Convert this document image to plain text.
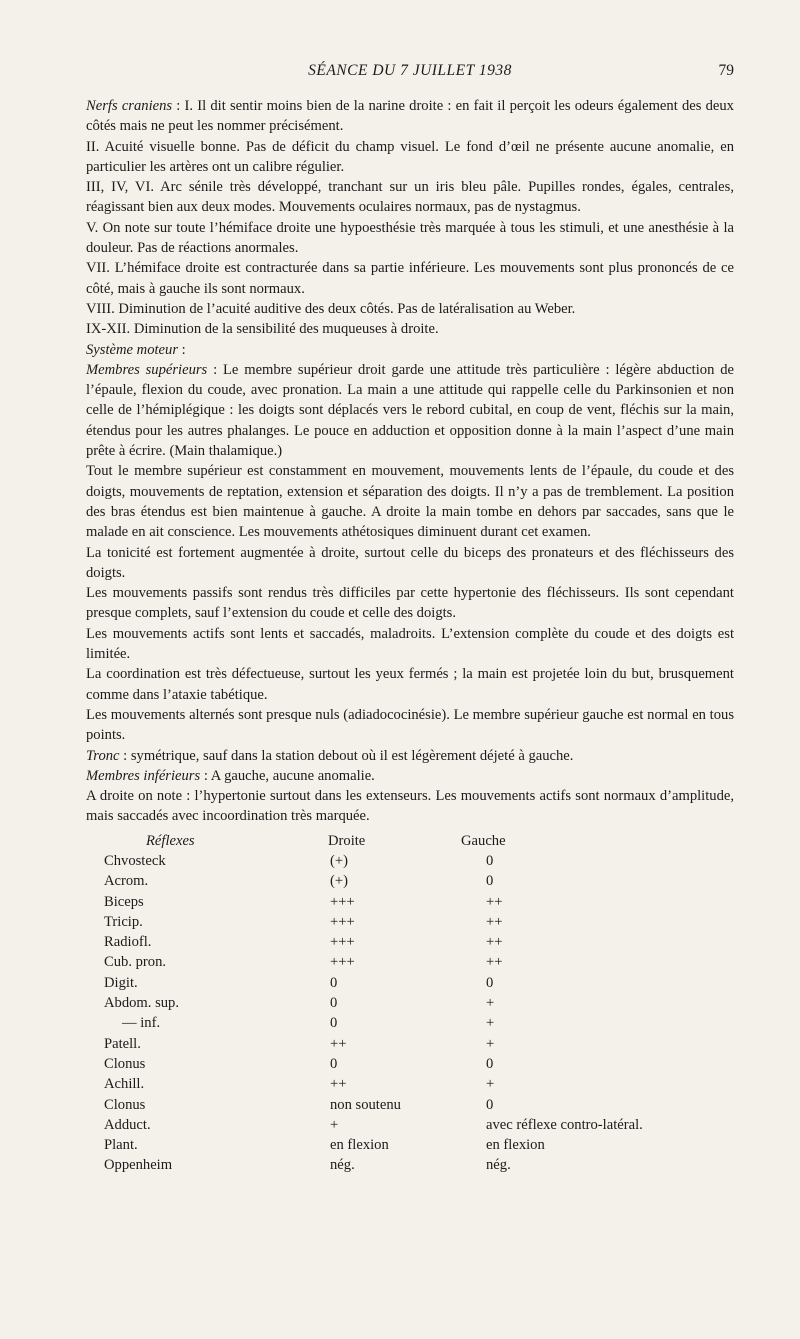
SÉANCE DU 7 JUILLET 1938	79

Nerfs craniens : I. Il dit sentir moins bien de la narine droite : en fait il perçoit les odeurs également des deux côtés mais ne peut les nommer précisément.

II. Acuité visuelle bonne. Pas de déficit du champ visuel. Le fond d’œil ne présente aucune anomalie, en particulier les artères ont un calibre régulier.

III, IV, VI. Arc sénile très développé, tranchant sur un iris bleu pâle. Pupilles rondes, égales, centrales, réagissant bien aux deux modes. Mouvements oculaires normaux, pas de nystagmus.

V. On note sur toute l’hémiface droite une hypoesthésie très marquée à tous les stimuli, et une anesthésie à la douleur. Pas de réactions anormales.

VII. L’hémiface droite est contracturée dans sa partie inférieure. Les mouvements sont plus prononcés de ce côté, mais à gauche ils sont normaux.

VIII. Diminution de l’acuité auditive des deux côtés. Pas de latéralisation au Weber.

IX-XII. Diminution de la sensibilité des muqueuses à droite.

Système moteur :

Membres supérieurs : Le membre supérieur droit garde une attitude très particulière : légère abduction de l’épaule, flexion du coude, avec pronation. La main a une attitude qui rappelle celle du Parkinsonien et non celle de l’hémiplégique : les doigts sont déplacés vers le rebord cubital, en coup de vent, fléchis sur la main, étendus pour les autres phalanges. Le pouce en adduction et opposition donne à la main l’aspect d’une main prête à écrire. (Main thalamique.)

Tout le membre supérieur est constamment en mouvement, mouvements lents de l’épaule, du coude et des doigts, mouvements de reptation, extension et séparation des doigts. Il n’y a pas de tremblement. La position des bras étendus est bien maintenue à gauche. A droite la main tombe en dehors par saccades, sans que le malade en ait conscience. Les mouvements athétosiques diminuent durant cet examen.

La tonicité est fortement augmentée à droite, surtout celle du biceps des pronateurs et des fléchisseurs des doigts.

Les mouvements passifs sont rendus très difficiles par cette hypertonie des fléchisseurs. Ils sont cependant presque complets, sauf l’extension du coude et celle des doigts.

Les mouvements actifs sont lents et saccadés, maladroits. L’extension complète du coude et des doigts est limitée.

La coordination est très défectueuse, surtout les yeux fermés ; la main est projetée loin du but, brusquement comme dans l’ataxie tabétique.

Les mouvements alternés sont presque nuls (adiadococinésie). Le membre supérieur gauche est normal en tous points.

Tronc : symétrique, sauf dans la station debout où il est légèrement déjeté à gauche.

Membres inférieurs : A gauche, aucune anomalie.

A droite on note : l’hypertonie surtout dans les extenseurs. Les mouvements actifs sont normaux d’amplitude, mais saccadés avec incoordination très marquée.

Réflexes	Droite	Gauche
Chvosteck	(+)	0
Acrom.	(+)	0
Biceps	+++	++
Tricip.	+++	++
Radiofl.	+++	++
Cub. pron.	+++	++
Digit.	0	0
Abdom. sup.	0	+
— inf.	0	+
Patell.	++	+
Clonus	0	0
Achill.	++	+
Clonus	non soutenu	0
Adduct.	+	avec réflexe contro-latéral.
Plant.	en flexion	en flexion
Oppenheim	nég.	nég.
